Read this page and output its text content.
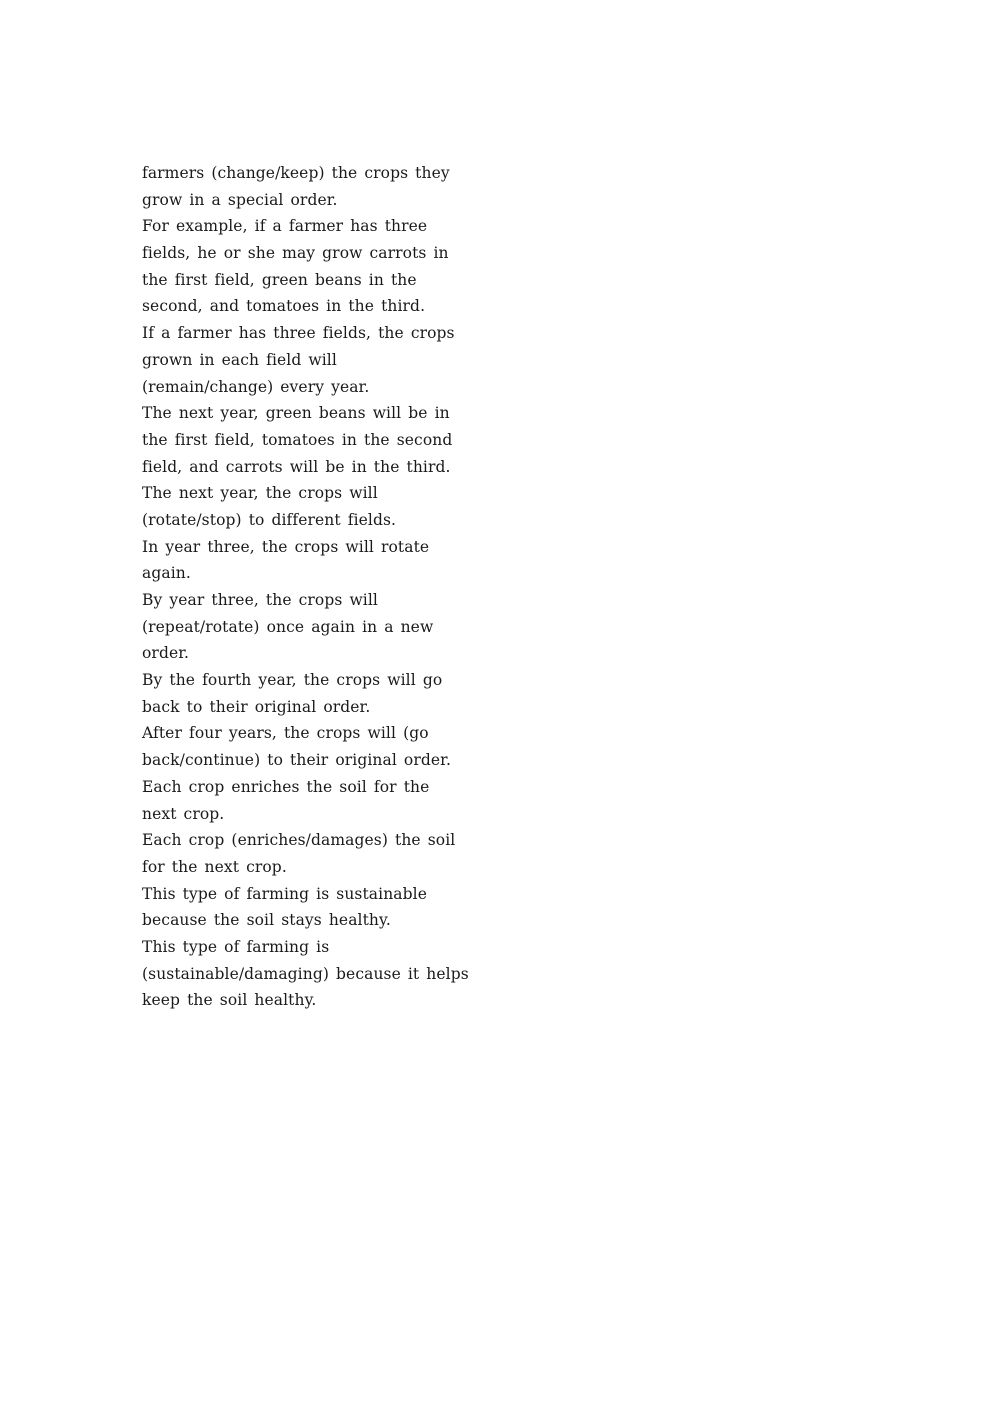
farmers (change/keep) the crops they
grow in a special order.
For example, if a farmer has three
fields, he or she may grow carrots in
the first field, green beans in the
second, and tomatoes in the third.
If a farmer has three fields, the crops
grown in each field will
(remain/change) every year.
The next year, green beans will be in
the first field, tomatoes in the second
field, and carrots will be in the third.
The next year, the crops will
(rotate/stop) to different fields.
In year three, the crops will rotate
again.
By year three, the crops will
(repeat/rotate) once again in a new
order.
By the fourth year, the crops will go
back to their original order.
After four years, the crops will (go
back/continue) to their original order.
Each crop enriches the soil for the
next crop.
Each crop (enriches/damages) the soil
for the next crop.
This type of farming is sustainable
because the soil stays healthy.
This type of farming is
(sustainable/damaging) because it helps
keep the soil healthy.
